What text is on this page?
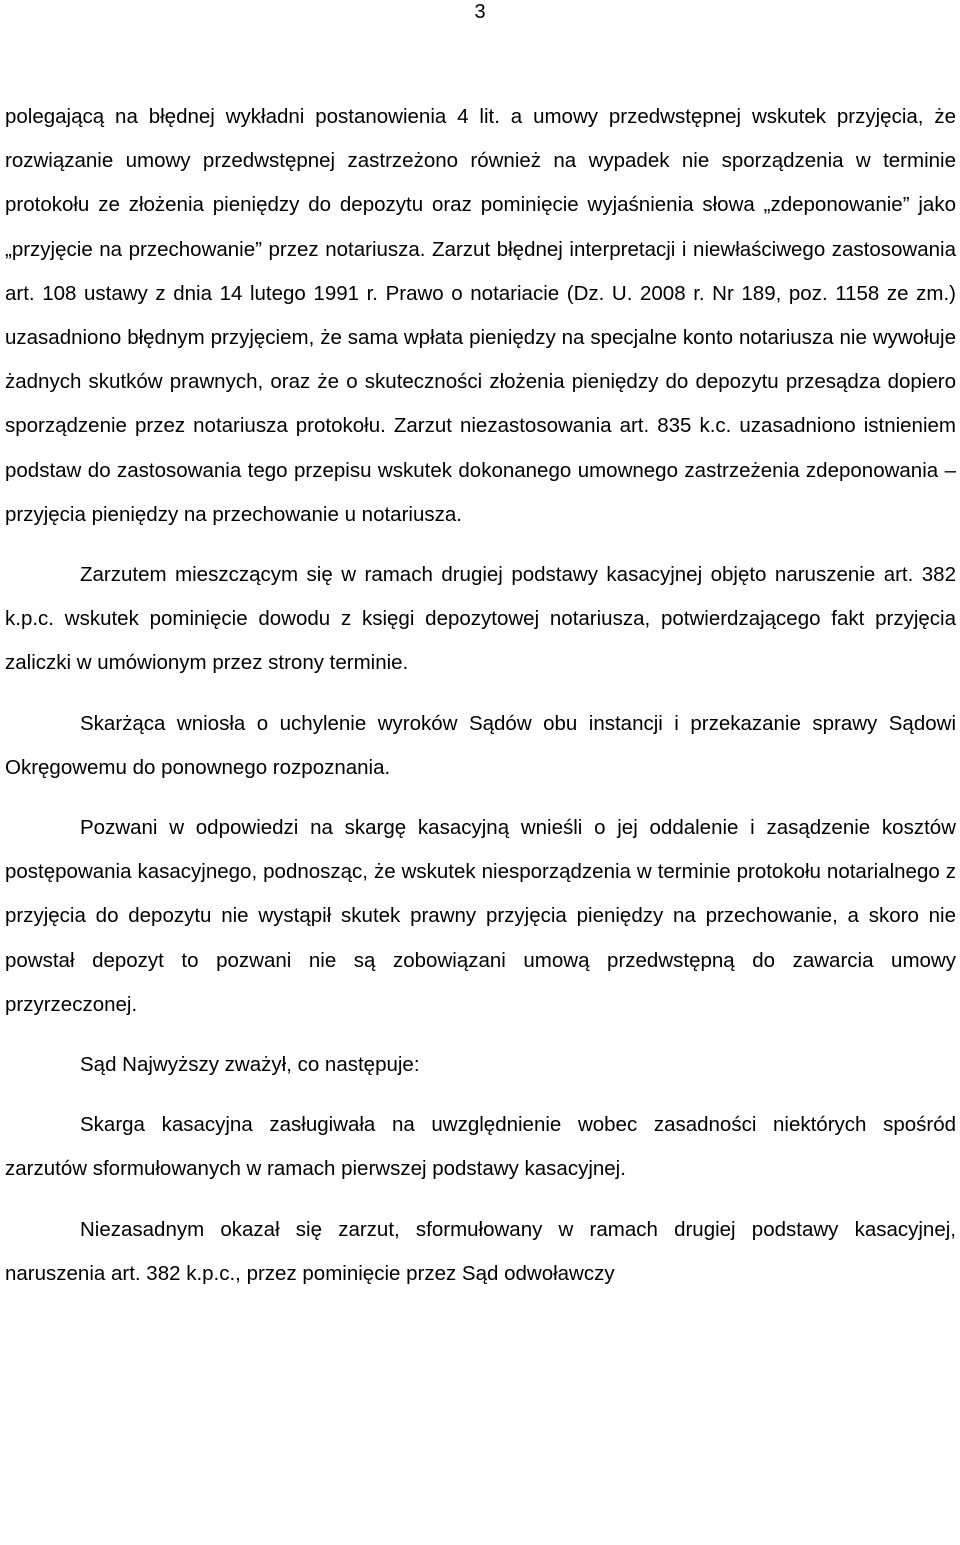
3

polegającą na błędnej wykładni postanowienia 4 lit. a umowy przedwstępnej wskutek przyjęcia, że rozwiązanie umowy przedwstępnej zastrzeżono również na wypadek nie sporządzenia w terminie protokołu ze złożenia pieniędzy do depozytu oraz pominięcie wyjaśnienia słowa „zdeponowanie” jako „przyjęcie na przechowanie” przez notariusza. Zarzut błędnej interpretacji i niewłaściwego zastosowania art. 108 ustawy z dnia 14 lutego 1991 r. Prawo o notariacie (Dz. U. 2008 r. Nr 189, poz. 1158 ze zm.) uzasadniono błędnym przyjęciem, że sama wpłata pieniędzy na specjalne konto notariusza nie wywołuje żadnych skutków prawnych, oraz że o skuteczności złożenia pieniędzy do depozytu przesądza dopiero sporządzenie przez notariusza protokołu. Zarzut niezastosowania art. 835 k.c. uzasadniono istnieniem podstaw do zastosowania tego przepisu wskutek dokonanego umownego zastrzeżenia zdeponowania – przyjęcia pieniędzy na przechowanie u notariusza.

Zarzutem mieszczącym się w ramach drugiej podstawy kasacyjnej objęto naruszenie art. 382 k.p.c. wskutek pominięcie dowodu z księgi depozytowej notariusza, potwierdzającego fakt przyjęcia zaliczki w umówionym przez strony terminie.

Skarżąca wniosła o uchylenie wyroków Sądów obu instancji i przekazanie sprawy Sądowi Okręgowemu do ponownego rozpoznania.

Pozwani w odpowiedzi na skargę kasacyjną wnieśli o jej oddalenie i zasądzenie kosztów postępowania kasacyjnego, podnosząc, że wskutek niesporządzenia w terminie protokołu notarialnego z przyjęcia do depozytu nie wystąpił skutek prawny przyjęcia pieniędzy na przechowanie, a skoro nie powstał depozyt to pozwani nie są zobowiązani umową przedwstępną do zawarcia umowy przyrzeczonej.

Sąd Najwyższy zważył, co następuje:

Skarga kasacyjna zasługiwała na uwzględnienie wobec zasadności niektórych spośród zarzutów sformułowanych w ramach pierwszej podstawy kasacyjnej.

Niezasadnym okazał się zarzut, sformułowany w ramach drugiej podstawy kasacyjnej, naruszenia art. 382 k.p.c., przez pominięcie przez Sąd odwoławczy
